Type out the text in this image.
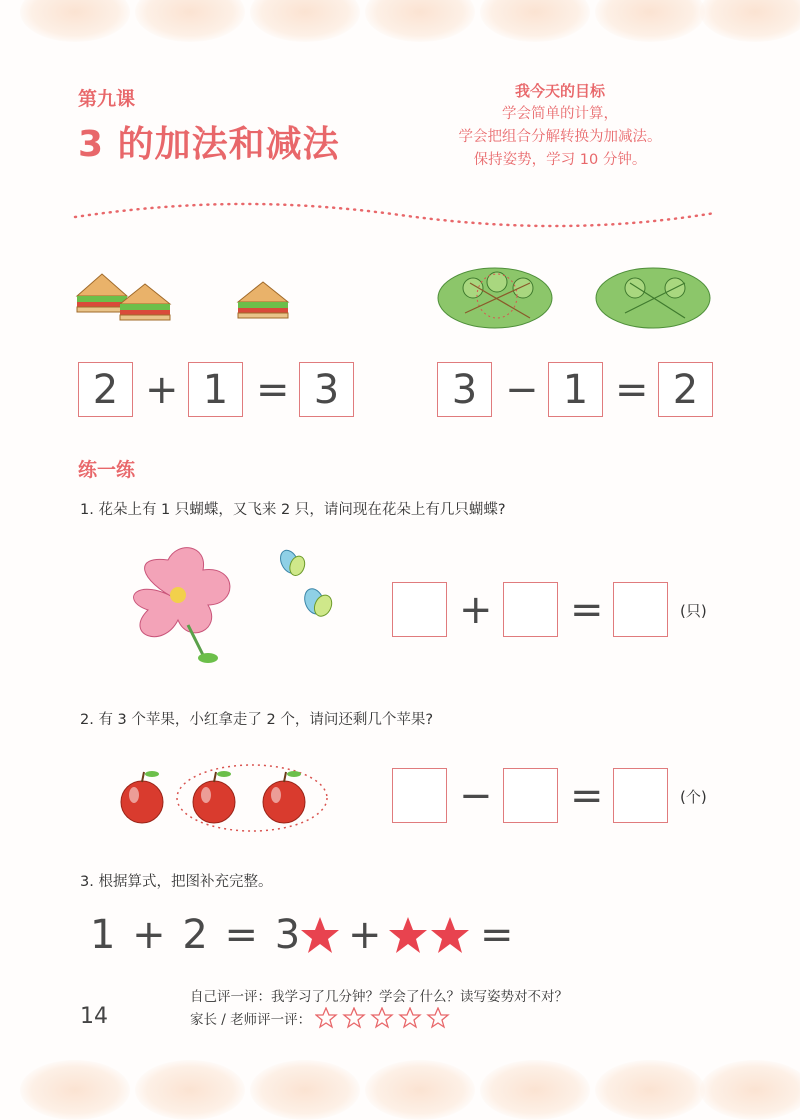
第九课
3 的加法和减法
我今天的目标
学会简单的计算，
学会把组合分解转换为加减法。
保持姿势，学习 10 分钟。
2 + 1 = 3	3 − 1 = 2
练一练
1. 花朵上有 1 只蝴蝶，又飞来 2 只，请问现在花朵上有几只蝴蝶?
+ =	(只)
2. 有 3 个苹果，小红拿走了 2 个，请问还剩几个苹果?
− =	(个)
3. 根据算式，把图补充完整。
1 + 2 = 3 + =
自己评一评：我学习了几分钟？学会了什么？读写姿势对不对？
家长 / 老师评一评：
14
